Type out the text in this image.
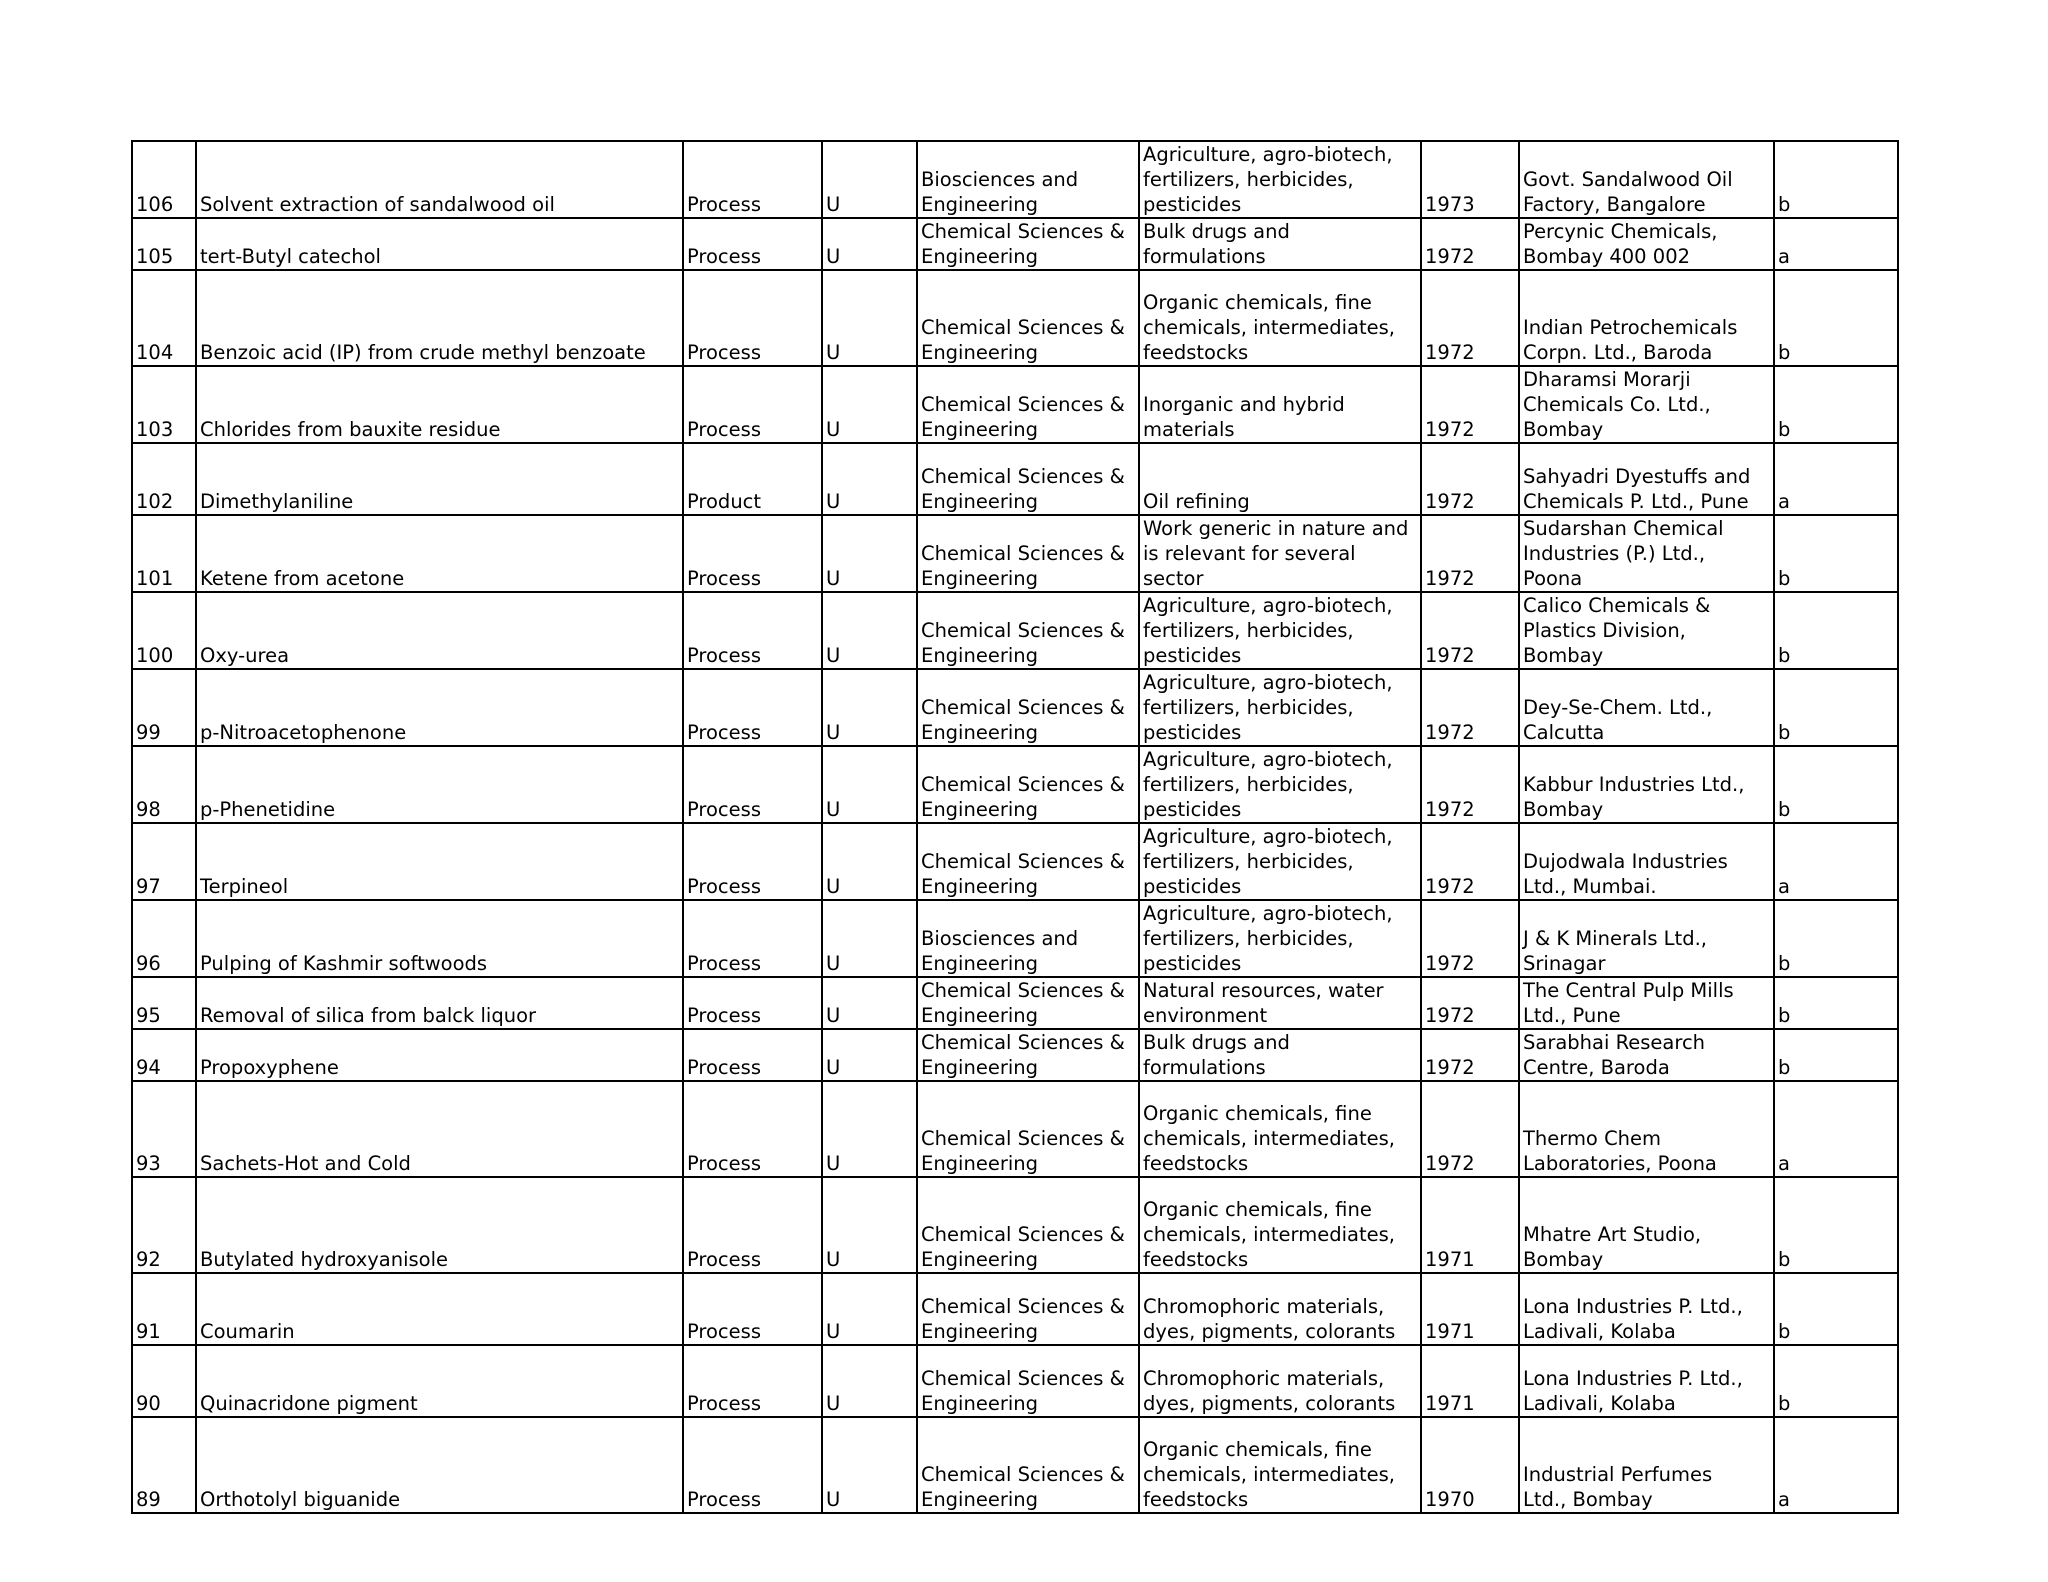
106	Solvent extraction of sandalwood oil	Process	U	Biosciences and
Engineering	Agriculture, agro-biotech,
fertilizers, herbicides,
pesticides	1973	Govt. Sandalwood Oil
Factory, Bangalore	b
105	tert-Butyl catechol	Process	U	Chemical Sciences &
Engineering	Bulk drugs and
formulations	1972	Percynic Chemicals,
Bombay 400 002	a
104	Benzoic acid (IP) from crude methyl benzoate	Process	U	Chemical Sciences &
Engineering	Organic chemicals, fine
chemicals, intermediates,
feedstocks	1972	Indian Petrochemicals
Corpn. Ltd., Baroda	b
103	Chlorides from bauxite residue	Process	U	Chemical Sciences &
Engineering	Inorganic and hybrid
materials	1972	Dharamsi Morarji
Chemicals Co. Ltd.,
Bombay	b
102	Dimethylaniline	Product	U	Chemical Sciences &
Engineering	Oil refining	1972	Sahyadri Dyestuffs and
Chemicals P. Ltd., Pune	a
101	Ketene from acetone	Process	U	Chemical Sciences &
Engineering	Work generic in nature and
is relevant for several
sector	1972	Sudarshan Chemical
Industries (P.) Ltd.,
Poona	b
100	Oxy-urea	Process	U	Chemical Sciences &
Engineering	Agriculture, agro-biotech,
fertilizers, herbicides,
pesticides	1972	Calico Chemicals &
Plastics Division,
Bombay	b
99	p-Nitroacetophenone	Process	U	Chemical Sciences &
Engineering	Agriculture, agro-biotech,
fertilizers, herbicides,
pesticides	1972	Dey-Se-Chem. Ltd.,
Calcutta	b
98	p-Phenetidine	Process	U	Chemical Sciences &
Engineering	Agriculture, agro-biotech,
fertilizers, herbicides,
pesticides	1972	Kabbur Industries Ltd.,
Bombay	b
97	Terpineol	Process	U	Chemical Sciences &
Engineering	Agriculture, agro-biotech,
fertilizers, herbicides,
pesticides	1972	Dujodwala Industries
Ltd., Mumbai.	a
96	Pulping of Kashmir softwoods	Process	U	Biosciences and
Engineering	Agriculture, agro-biotech,
fertilizers, herbicides,
pesticides	1972	J & K Minerals Ltd.,
Srinagar	b
95	Removal of silica from balck liquor	Process	U	Chemical Sciences &
Engineering	Natural resources, water
environment	1972	The Central Pulp Mills
Ltd., Pune	b
94	Propoxyphene	Process	U	Chemical Sciences &
Engineering	Bulk drugs and
formulations	1972	Sarabhai Research
Centre, Baroda	b
93	Sachets-Hot and Cold	Process	U	Chemical Sciences &
Engineering	Organic chemicals, fine
chemicals, intermediates,
feedstocks	1972	Thermo Chem
Laboratories, Poona	a
92	Butylated hydroxyanisole	Process	U	Chemical Sciences &
Engineering	Organic chemicals, fine
chemicals, intermediates,
feedstocks	1971	Mhatre Art Studio,
Bombay	b
91	Coumarin	Process	U	Chemical Sciences &
Engineering	Chromophoric materials,
dyes, pigments, colorants	1971	Lona Industries P. Ltd.,
Ladivali, Kolaba	b
90	Quinacridone pigment	Process	U	Chemical Sciences &
Engineering	Chromophoric materials,
dyes, pigments, colorants	1971	Lona Industries P. Ltd.,
Ladivali, Kolaba	b
89	Orthotolyl biguanide	Process	U	Chemical Sciences &
Engineering	Organic chemicals, fine
chemicals, intermediates,
feedstocks	1970	Industrial Perfumes
Ltd., Bombay	a
